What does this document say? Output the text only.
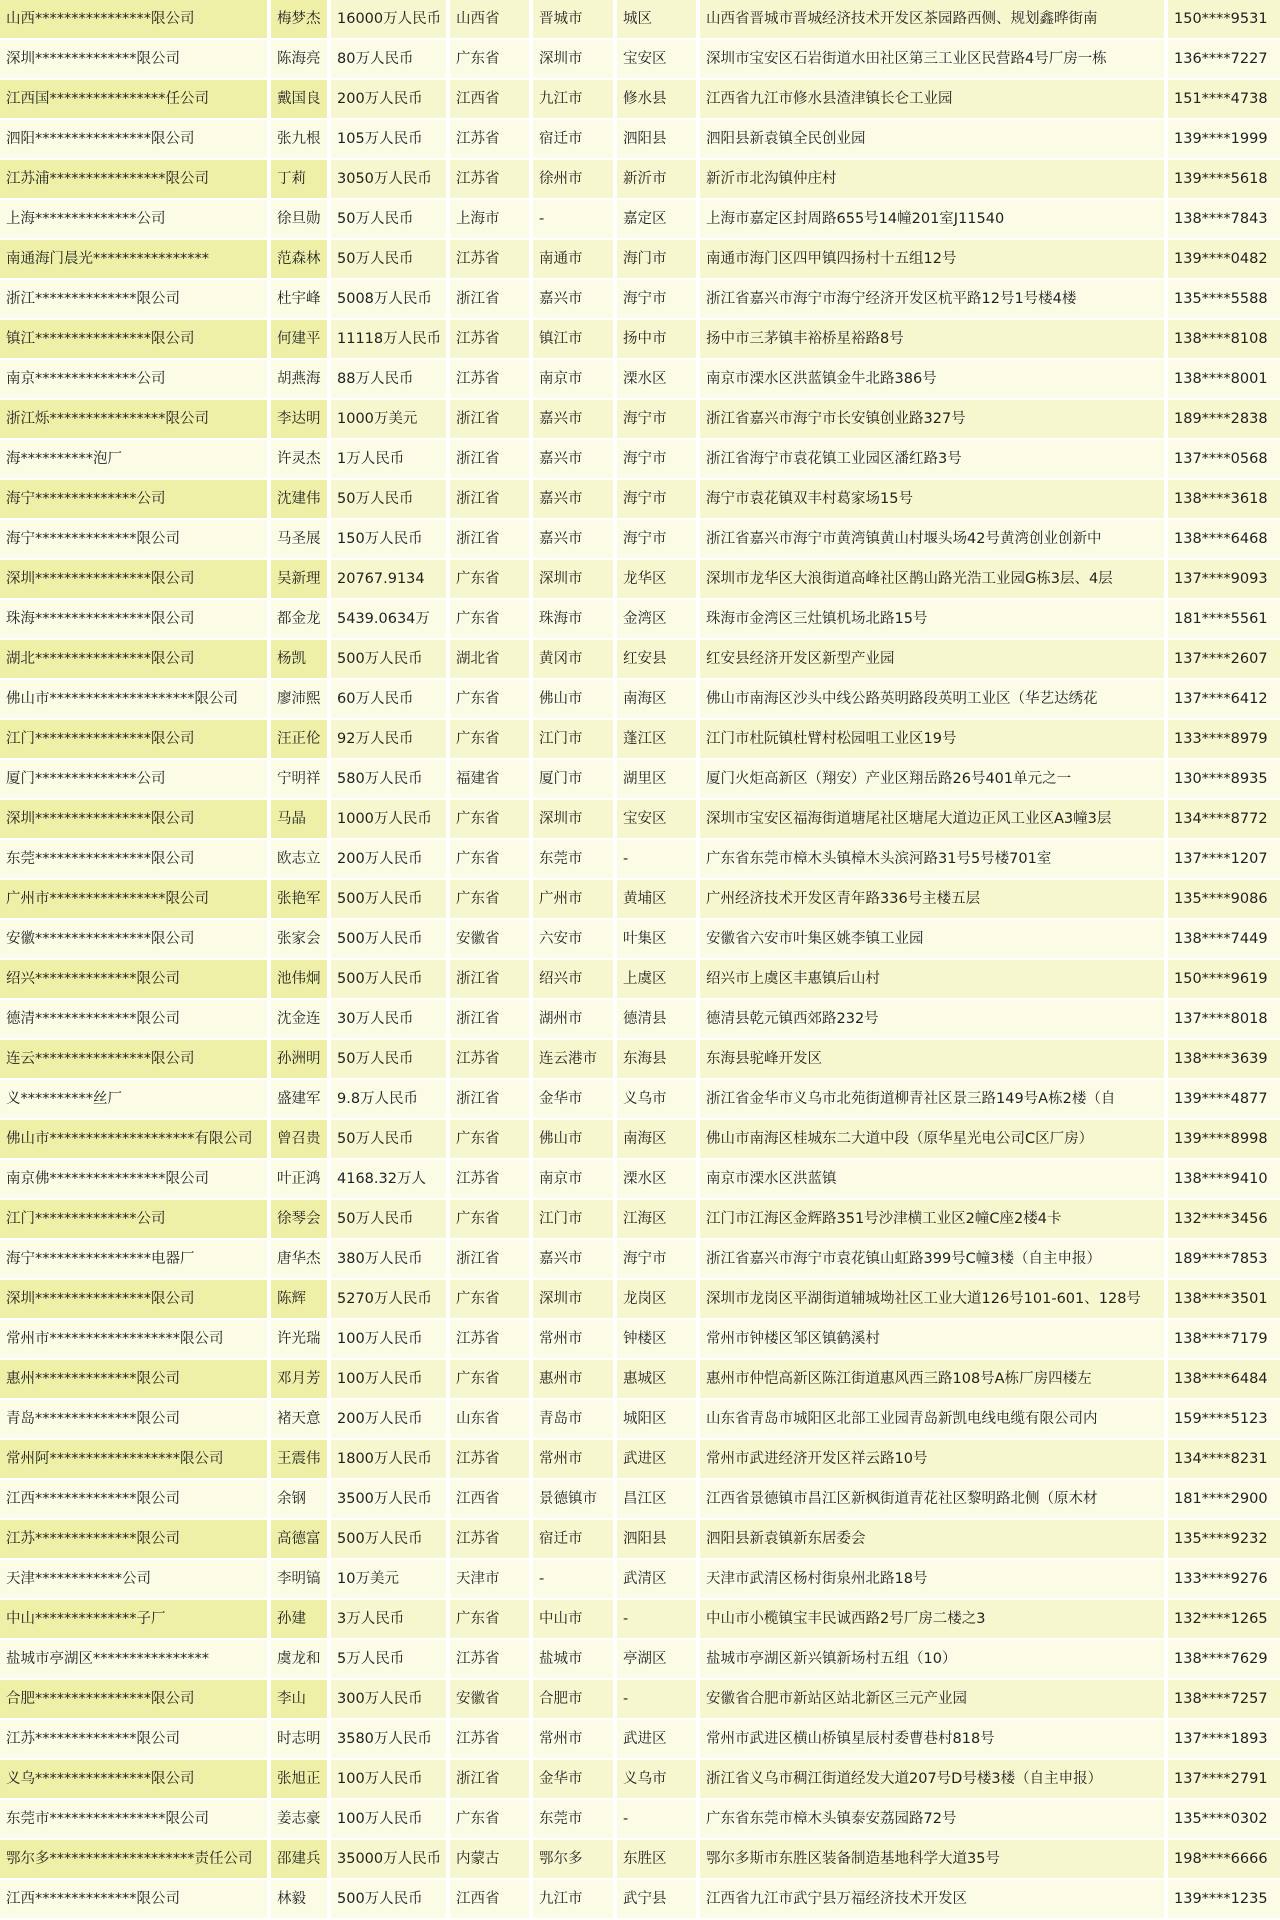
山西****************限公司	梅梦杰	16000万人民币	山西省	晋城市	城区	山西省晋城市晋城经济技术开发区茶园路西侧、规划鑫晔街南	150****9531
深圳**************限公司	陈海亮	80万人民币	广东省	深圳市	宝安区	深圳市宝安区石岩街道水田社区第三工业区民营路4号厂房一栋	136****7227
江西国****************任公司	戴国良	200万人民币	江西省	九江市	修水县	江西省九江市修水县渣津镇长仑工业园	151****4738
泗阳****************限公司	张九根	105万人民币	江苏省	宿迁市	泗阳县	泗阳县新袁镇全民创业园	139****1999
江苏浦****************限公司	丁莉	3050万人民币	江苏省	徐州市	新沂市	新沂市北沟镇仲庄村	139****5618
上海**************公司	徐旦勋	50万人民币	上海市	-	嘉定区	上海市嘉定区封周路655号14幢201室J11540	138****7843
南通海门晨光****************	范森林	50万人民币	江苏省	南通市	海门市	南通市海门区四甲镇四扬村十五组12号	139****0482
浙江**************限公司	杜宇峰	5008万人民币	浙江省	嘉兴市	海宁市	浙江省嘉兴市海宁市海宁经济开发区杭平路12号1号楼4楼	135****5588
镇江****************限公司	何建平	11118万人民币	江苏省	镇江市	扬中市	扬中市三茅镇丰裕桥星裕路8号	138****8108
南京**************公司	胡燕海	88万人民币	江苏省	南京市	溧水区	南京市溧水区洪蓝镇金牛北路386号	138****8001
浙江烁****************限公司	李达明	1000万美元	浙江省	嘉兴市	海宁市	浙江省嘉兴市海宁市长安镇创业路327号	189****2838
海**********泡厂	许灵杰	1万人民币	浙江省	嘉兴市	海宁市	浙江省海宁市袁花镇工业园区潘红路3号	137****0568
海宁**************公司	沈建伟	50万人民币	浙江省	嘉兴市	海宁市	海宁市袁花镇双丰村葛家场15号	138****3618
海宁**************限公司	马圣展	150万人民币	浙江省	嘉兴市	海宁市	浙江省嘉兴市海宁市黄湾镇黄山村堰头场42号黄湾创业创新中	138****6468
深圳****************限公司	吴新理	20767.9134	广东省	深圳市	龙华区	深圳市龙华区大浪街道高峰社区鹊山路光浩工业园G栋3层、4层	137****9093
珠海****************限公司	都金龙	5439.0634万	广东省	珠海市	金湾区	珠海市金湾区三灶镇机场北路15号	181****5561
湖北****************限公司	杨凯	500万人民币	湖北省	黄冈市	红安县	红安县经济开发区新型产业园	137****2607
佛山市********************限公司	廖沛熙	60万人民币	广东省	佛山市	南海区	佛山市南海区沙头中线公路英明路段英明工业区（华艺达绣花	137****6412
江门****************限公司	汪正伦	92万人民币	广东省	江门市	蓬江区	江门市杜阮镇杜臂村松园咀工业区19号	133****8979
厦门**************公司	宁明祥	580万人民币	福建省	厦门市	湖里区	厦门火炬高新区（翔安）产业区翔岳路26号401单元之一	130****8935
深圳****************限公司	马晶	1000万人民币	广东省	深圳市	宝安区	深圳市宝安区福海街道塘尾社区塘尾大道边正风工业区A3幢3层	134****8772
东莞****************限公司	欧志立	200万人民币	广东省	东莞市	-	广东省东莞市樟木头镇樟木头滨河路31号5号楼701室	137****1207
广州市****************限公司	张艳军	500万人民币	广东省	广州市	黄埔区	广州经济技术开发区青年路336号主楼五层	135****9086
安徽****************限公司	张家会	500万人民币	安徽省	六安市	叶集区	安徽省六安市叶集区姚李镇工业园	138****7449
绍兴**************限公司	池伟炯	500万人民币	浙江省	绍兴市	上虞区	绍兴市上虞区丰惠镇后山村	150****9619
德清**************限公司	沈金连	30万人民币	浙江省	湖州市	德清县	德清县乾元镇西郊路232号	137****8018
连云****************限公司	孙洲明	50万人民币	江苏省	连云港市	东海县	东海县驼峰开发区	138****3639
义**********丝厂	盛建军	9.8万人民币	浙江省	金华市	义乌市	浙江省金华市义乌市北苑街道柳青社区景三路149号A栋2楼（自	139****4877
佛山市********************有限公司	曾召贵	50万人民币	广东省	佛山市	南海区	佛山市南海区桂城东二大道中段（原华星光电公司C区厂房）	139****8998
南京佛****************限公司	叶正鸿	4168.32万人	江苏省	南京市	溧水区	南京市溧水区洪蓝镇	138****9410
江门**************公司	徐琴会	50万人民币	广东省	江门市	江海区	江门市江海区金辉路351号沙津横工业区2幢C座2楼4卡	132****3456
海宁****************电器厂	唐华杰	380万人民币	浙江省	嘉兴市	海宁市	浙江省嘉兴市海宁市袁花镇山虹路399号C幢3楼（自主申报）	189****7853
深圳****************限公司	陈辉	5270万人民币	广东省	深圳市	龙岗区	深圳市龙岗区平湖街道辅城坳社区工业大道126号101-601、128号	138****3501
常州市******************限公司	许光瑞	100万人民币	江苏省	常州市	钟楼区	常州市钟楼区邹区镇鹤溪村	138****7179
惠州**************限公司	邓月芳	100万人民币	广东省	惠州市	惠城区	惠州市仲恺高新区陈江街道惠风西三路108号A栋厂房四楼左	138****6484
青岛**************限公司	褚天意	200万人民币	山东省	青岛市	城阳区	山东省青岛市城阳区北部工业园青岛新凯电线电缆有限公司内	159****5123
常州阿******************限公司	王震伟	1800万人民币	江苏省	常州市	武进区	常州市武进经济开发区祥云路10号	134****8231
江西**************限公司	余钢	3500万人民币	江西省	景德镇市	昌江区	江西省景德镇市昌江区新枫街道青花社区黎明路北侧（原木材	181****2900
江苏**************限公司	高德富	500万人民币	江苏省	宿迁市	泗阳县	泗阳县新袁镇新东居委会	135****9232
天津************公司	李明镐	10万美元	天津市	-	武清区	天津市武清区杨村街泉州北路18号	133****9276
中山**************子厂	孙建	3万人民币	广东省	中山市	-	中山市小榄镇宝丰民诚西路2号厂房二楼之3	132****1265
盐城市亭湖区****************	虞龙和	5万人民币	江苏省	盐城市	亭湖区	盐城市亭湖区新兴镇新场村五组（10）	138****7629
合肥****************限公司	李山	300万人民币	安徽省	合肥市	-	安徽省合肥市新站区站北新区三元产业园	138****7257
江苏**************限公司	时志明	3580万人民币	江苏省	常州市	武进区	常州市武进区横山桥镇星辰村委曹巷村818号	137****1893
义乌****************限公司	张旭正	100万人民币	浙江省	金华市	义乌市	浙江省义乌市稠江街道经发大道207号D号楼3楼（自主申报）	137****2791
东莞市****************限公司	姜志豪	100万人民币	广东省	东莞市	-	广东省东莞市樟木头镇泰安荔园路72号	135****0302
鄂尔多********************责任公司	邵建兵	35000万人民币	内蒙古	鄂尔多	东胜区	鄂尔多斯市东胜区装备制造基地科学大道35号	198****6666
江西**************限公司	林毅	500万人民币	江西省	九江市	武宁县	江西省九江市武宁县万福经济技术开发区	139****1235
